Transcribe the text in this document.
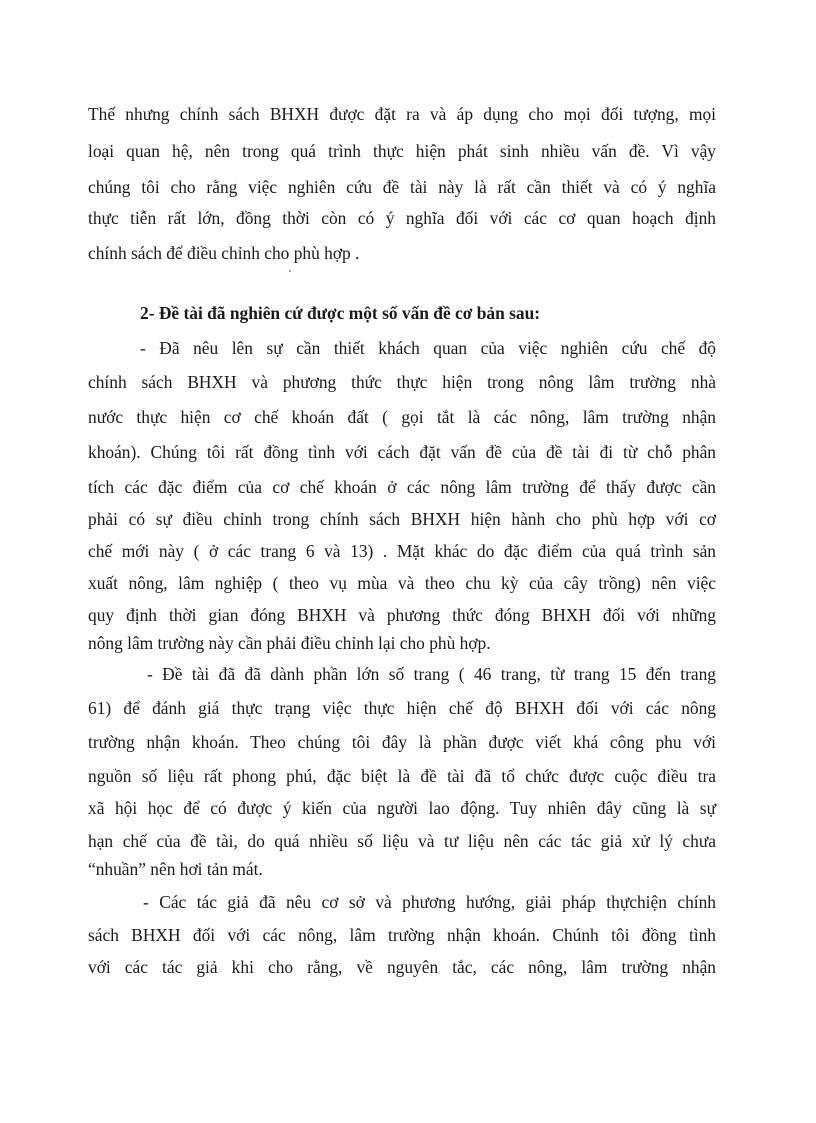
Thế nhưng chính sách BHXH được đặt ra và áp dụng cho mọi đối tượng, mọi
loại quan hệ, nên trong quá trình thực hiện phát sinh nhiều vấn đề. Vì vậy
chúng tôi cho rằng việc nghiên cứu đề tài này là rất cần thiết và có ý nghĩa
thực tiễn rất lớn, đồng thời còn có ý nghĩa đối với các cơ quan hoạch định
chính sách để điều chỉnh cho phù hợp .
2- Đề tài đã nghiên cứ được một số vấn đề cơ bản sau:
- Đã nêu lên sự cần thiết khách quan của việc nghiên cứu chế độ
chính sách BHXH và phương thức thực hiện trong nông lâm trường nhà
nước thực hiện cơ chế khoán đất ( gọi tắt là các nông, lâm trường nhận
khoán). Chúng tôi rất đồng tình với cách đặt vấn đề của đề tài đi từ chỗ phân
tích các đặc điểm của cơ chế khoán ở các nông lâm trường để thấy được cần
phải có sự điều chỉnh trong chính sách BHXH hiện hành cho phù hợp với cơ
chế mới này ( ở các trang 6 và 13) . Mặt khác do đặc điểm của quá trình sản
xuất nông, lâm nghiệp ( theo vụ mùa và theo chu kỳ của cây trồng) nên việc
quy định thời gian đóng BHXH và phương thức đóng BHXH đối với những
nông lâm trường này cần phải điều chỉnh lại cho phù hợp.
- Đề tài đã đã dành phần lớn số trang ( 46 trang, từ trang 15 đến trang
61) để đánh giá thực trạng việc thực hiện chế độ BHXH đối với các nông
trường nhận khoán. Theo chúng tôi đây là phần được viết khá công phu với
nguồn số liệu rất phong phú, đặc biệt là đề tài đã tổ chức được cuộc điều tra
xã hội học để có được ý kiến của người lao động. Tuy nhiên đây cũng là sự
hạn chế của đề tài, do quá nhiều số liệu và tư liệu nên các tác giả xử lý chưa
“nhuần” nên hơi tản mát.
- Các tác giả đã nêu cơ sở và phương hướng, giải pháp thựchiện chính
sách BHXH đối với các nông, lâm trường nhận khoán. Chúnh tôi đồng tình
với các tác giả khi cho rằng, về nguyên tắc, các nông, lâm trường nhận
